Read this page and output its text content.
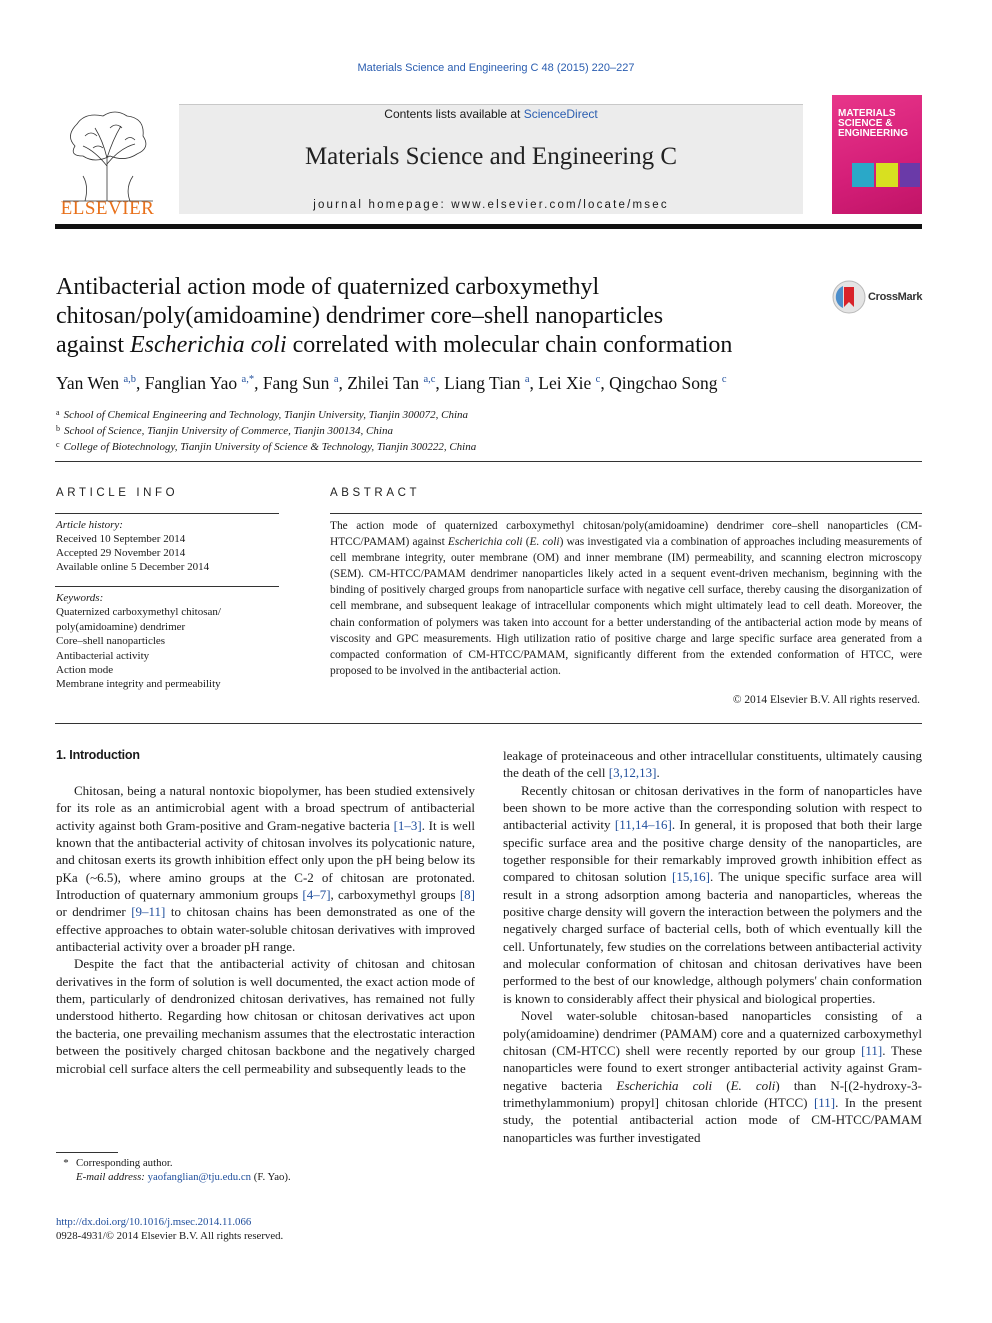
Materials Science and Engineering C 48 (2015) 220–227
ELSEVIER
Contents lists available at ScienceDirect
Materials Science and Engineering C
journal homepage: www.elsevier.com/locate/msec
MATERIALS
SCIENCE &
ENGINEERING
Antibacterial action mode of quaternized carboxymethyl
chitosan/poly(amidoamine) dendrimer core–shell nanoparticles
against Escherichia coli correlated with molecular chain conformation
CrossMark
Yan Wen $^{a,b}$, Fanglian Yao $^{a,*}$, Fang Sun $^a$, Zhilei Tan $^{a,c}$, Liang Tian $^a$, Lei Xie $^c$, Qingchao Song $^c$
$^a$ School of Chemical Engineering and Technology, Tianjin University, Tianjin 300072, China
$^b$ School of Science, Tianjin University of Commerce, Tianjin 300134, China
$^c$ College of Biotechnology, Tianjin University of Science & Technology, Tianjin 300222, China
ARTICLE INFO	ABSTRACT
Article history:
Received 10 September 2014
Accepted 29 November 2014
Available online 5 December 2014
Keywords:
Quaternized carboxymethyl chitosan/
poly(amidoamine) dendrimer
Core–shell nanoparticles
Antibacterial activity
Action mode
Membrane integrity and permeability
The action mode of quaternized carboxymethyl chitosan/poly(amidoamine) dendrimer core–shell nanoparticles (CM-HTCC/PAMAM) against Escherichia coli (E. coli) was investigated via a combination of approaches including measurements of cell membrane integrity, outer membrane (OM) and inner membrane (IM) permeability, and scanning electron microscopy (SEM). CM-HTCC/PAMAM dendrimer nanoparticles likely acted in a sequent event-driven mechanism, beginning with the binding of positively charged groups from nanoparticle surface with negative cell surface, thereby causing the disorganization of cell membrane, and subsequent leakage of intracellular components which might ultimately lead to cell death. Moreover, the chain conformation of polymers was taken into account for a better understanding of the antibacterial action mode by means of viscosity and GPC measurements. High utilization ratio of positive charge and large specific surface area generated from a compacted conformation of CM-HTCC/PAMAM, significantly different from the extended conformation of HTCC, were proposed to be involved in the antibacterial action.
© 2014 Elsevier B.V. All rights reserved.
1. Introduction

Chitosan, being a natural nontoxic biopolymer, has been studied extensively for its role as an antimicrobial agent with a broad spectrum of antibacterial activity against both Gram-positive and Gram-negative bacteria [1–3]. It is well known that the antibacterial activity of chitosan involves its polycationic nature, and chitosan exerts its growth inhibition effect only upon the pH being below its pKa (~6.5), where amino groups at the C-2 of chitosan are protonated. Introduction of quaternary ammonium groups [4–7], carboxymethyl groups [8] or dendrimer [9–11] to chitosan chains has been demonstrated as one of the effective approaches to obtain water-soluble chitosan derivatives with improved antibacterial activity over a broader pH range.

Despite the fact that the antibacterial activity of chitosan and chitosan derivatives in the form of solution is well documented, the exact action mode of them, particularly of dendronized chitosan derivatives, has remained not fully understood hitherto. Regarding how chitosan or chitosan derivatives act upon the bacteria, one prevailing mechanism assumes that the electrostatic interaction between the positively charged chitosan backbone and the negatively charged microbial cell surface alters the cell permeability and subsequently leads to the

leakage of proteinaceous and other intracellular constituents, ultimately causing the death of the cell [3,12,13].

Recently chitosan or chitosan derivatives in the form of nanoparticles have been shown to be more active than the corresponding solution with respect to antibacterial activity [11,14–16]. In general, it is proposed that both their large specific surface area and the positive charge density of the nanoparticles, are together responsible for their remarkably improved growth inhibition effect as compared to chitosan solution [15,16]. The unique specific surface area will result in a strong adsorption among bacteria and nanoparticles, whereas the positive charge density will govern the interaction between the polymers and the negatively charged surface of bacterial cells, both of which eventually kill the cell. Unfortunately, few studies on the correlations between antibacterial activity and molecular conformation of chitosan and chitosan derivatives have been performed to the best of our knowledge, although polymers' chain conformation is known to considerably affect their physical and biological properties.

Novel water-soluble chitosan-based nanoparticles consisting of a poly(amidoamine) dendrimer (PAMAM) core and a quaternized carboxymethyl chitosan (CM-HTCC) shell were recently reported by our group [11]. These nanoparticles were found to exert stronger antibacterial activity against Gram-negative bacteria Escherichia coli (E. coli) than N-[(2-hydroxy-3-trimethylammonium) propyl] chitosan chloride (HTCC) [11]. In the present study, the potential antibacterial action mode of CM-HTCC/PAMAM nanoparticles was further investigated

* Corresponding author.
E-mail address: yaofanglian@tju.edu.cn (F. Yao).
http://dx.doi.org/10.1016/j.msec.2014.11.066
0928-4931/© 2014 Elsevier B.V. All rights reserved.
